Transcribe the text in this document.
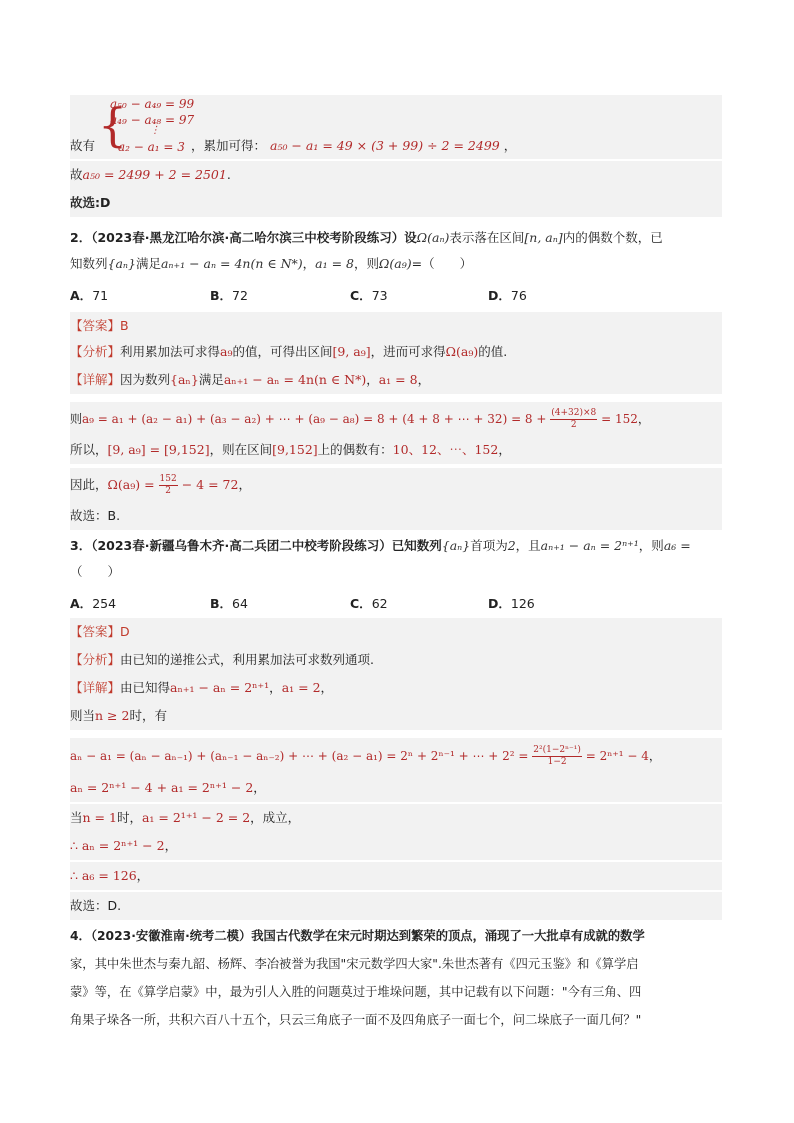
{
a₅₀ − a₄₉ = 99
a₄₉ − a₄₈ = 97
⋮
a₂ − a₁ = 3
故有	，累加可得： a₅₀ − a₁ = 49 × (3 + 99) ÷ 2 = 2499 ，
故a₅₀ = 2499 + 2 = 2501.
故选:D
2．（2023春·黑龙江哈尔滨·高二哈尔滨三中校考阶段练习）设Ω(aₙ)表示落在区间[n, aₙ]内的偶数个数，已
知数列{aₙ}满足aₙ₊₁ − aₙ = 4n(n ∈ N*)，a₁ = 8，则Ω(a₉)=（　　）
A．71	B．72	C．73	D．76
【答案】B
【分析】利用累加法可求得a₉的值，可得出区间[9, a₉]，进而可求得Ω(a₉)的值.
【详解】因为数列{aₙ}满足aₙ₊₁ − aₙ = 4n(n ∈ N*)，a₁ = 8，
则a₉ = a₁ + (a₂ − a₁) + (a₃ − a₂) + ⋯ + (a₉ − a₈) = 8 + (4 + 8 + ⋯ + $32) = 8 + \frac{(4+32)\times 8}{2} = 152$，
所以，[9, a₉] = [9,152]，则在区间[9,152]上的偶数有：10、12、⋯、152，
因此，$\Omega(a_9) = \frac{152}{2} - 4 = 72$，
故选：B.
3．（2023春·新疆乌鲁木齐·高二兵团二中校考阶段练习）已知数列{aₙ}首项为2，且aₙ₊₁ − aₙ = 2ⁿ⁺¹，则a₆ =
（　　）
A．254	B．64	C．62	D．126
【答案】D
【分析】由已知的递推公式，利用累加法可求数列通项.
【详解】由已知得aₙ₊₁ − aₙ = 2ⁿ⁺¹，a₁ = 2，
则当n ≥ 2时，有
aₙ − a₁ = (aₙ − aₙ₋₁) + (aₙ₋₁ − aₙ₋₂) + ⋯ + (a₂ − a₁) = 2ⁿ + 2ⁿ⁻¹ + ⋯ + $2^2 = \frac{\text{2²(1−2ⁿ⁻¹)}}{1-2} = 2^{n+1} - 4$，
aₙ = 2ⁿ⁺¹ − 4 + a₁ = 2ⁿ⁺¹ − 2，
当n = 1时，a₁ = 2¹⁺¹ − 2 = 2，成立，
∴ aₙ = 2ⁿ⁺¹ − 2，
∴ a₆ = 126，
故选：D.
4．（2023·安徽淮南·统考二模）我国古代数学在宋元时期达到繁荣的顶点，涌现了一大批卓有成就的数学
家，其中朱世杰与秦九韶、杨辉、李冶被誉为我国"宋元数学四大家".朱世杰著有《四元玉鉴》和《算学启
蒙》等，在《算学启蒙》中，最为引人入胜的问题莫过于堆垛问题，其中记载有以下问题："今有三角、四
角果子垛各一所，共积六百八十五个，只云三角底子一面不及四角底子一面七个，问二垛底子一面几何？"
